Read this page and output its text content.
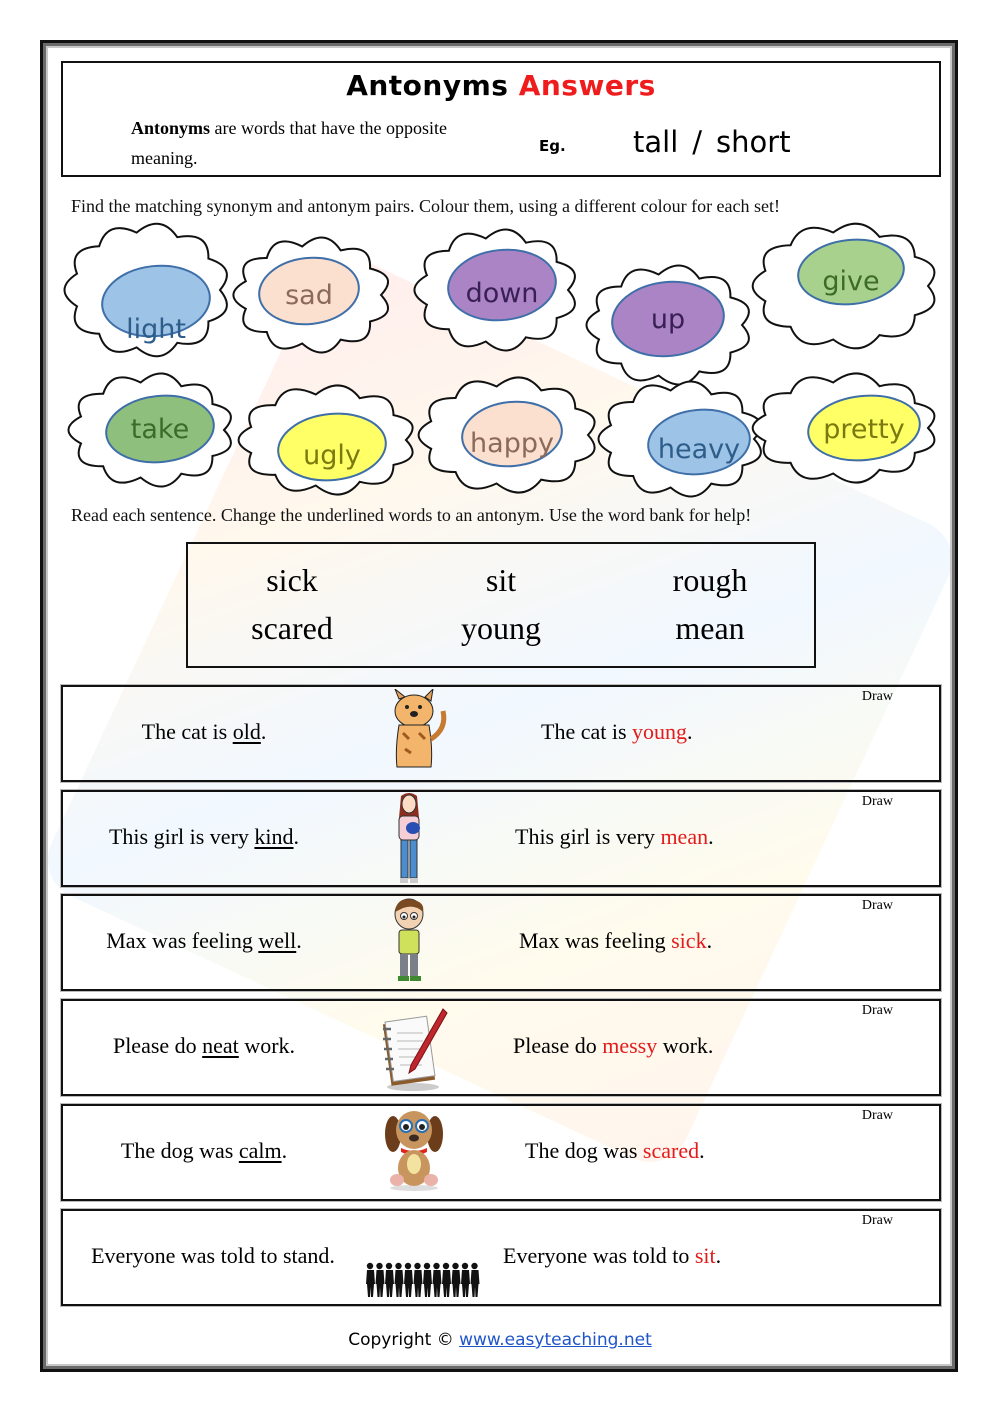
Antonyms Answers
Antonyms are words that have the opposite meaning.
Eg. tall / short
Find the matching synonym and antonym pairs. Colour them, using a different colour for each set!
light
sad	down
up
give
take
ugly	happy	heavy
pretty
Read each sentence. Change the underlined words to an antonym. Use the word bank for help!
sick	sit	rough
scared	young	mean
Draw
The cat is old.	The cat is young.
Draw
This girl is very kind.	This girl is very mean.
Draw
Max was feeling well.	Max was feeling sick.
Draw
Please do neat work.	Please do messy work.
Draw
The dog was calm.	The dog was scared.
Draw
Everyone was told to stand.	Everyone was told to sit.
Copyright © www.easyteaching.net
